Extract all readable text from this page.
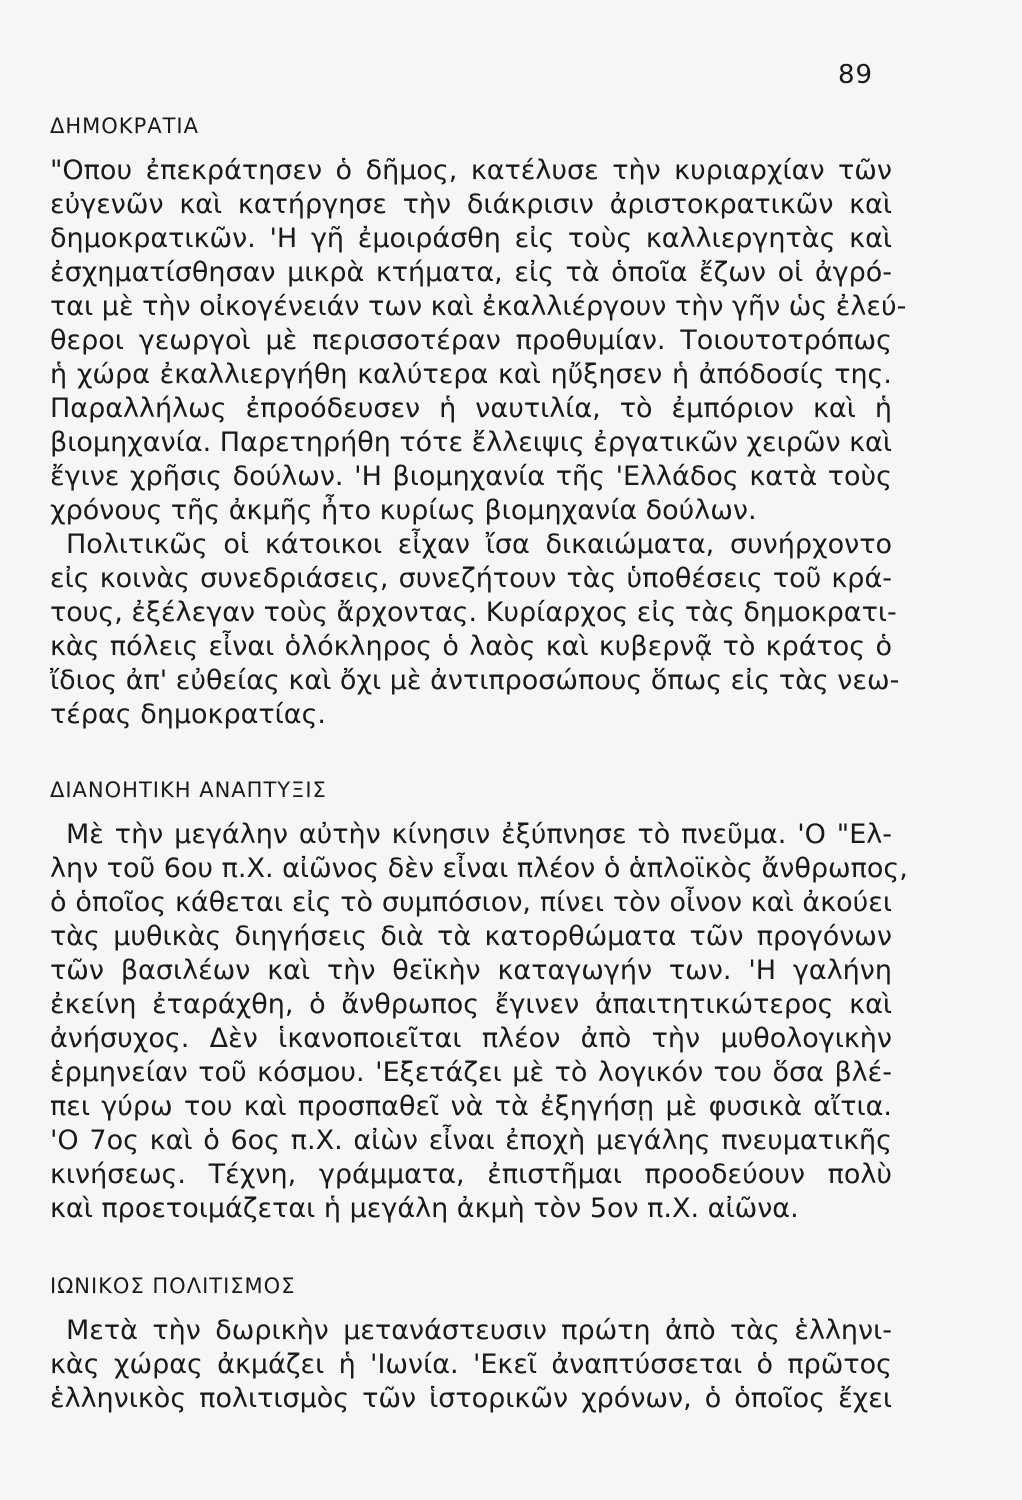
89
ΔΗΜΟΚΡΑΤΙΑ
"Οπου ἐπεκράτησεν ὁ δῆμος, κατέλυσε τὴν κυριαρχίαν τῶν
εὐγενῶν καὶ κατήργησε τὴν διάκρισιν ἀριστοκρατικῶν καὶ
δημοκρατικῶν. 'Η γῆ ἐμοιράσθη εἰς τοὺς καλλιεργητὰς καὶ
ἐσχηματίσθησαν μικρὰ κτήματα, εἰς τὰ ὁποῖα ἔζων οἱ ἀγρό-
ται μὲ τὴν οἰκογένειάν των καὶ ἐκαλλιέργουν τὴν γῆν ὡς ἐλεύ-
θεροι γεωργοὶ μὲ περισσοτέραν προθυμίαν. Τοιουτοτρόπως
ἡ χώρα ἐκαλλιεργήθη καλύτερα καὶ ηὔξησεν ἡ ἀπόδοσίς της.
Παραλλήλως ἐπροόδευσεν ἡ ναυτιλία, τὸ ἐμπόριον καὶ ἡ
βιομηχανία. Παρετηρήθη τότε ἔλλειψις ἐργατικῶν χειρῶν καὶ
ἔγινε χρῆσις δούλων. 'Η βιομηχανία τῆς 'Ελλάδος κατὰ τοὺς
χρόνους τῆς ἀκμῆς ἦτο κυρίως βιομηχανία δούλων.
Πολιτικῶς οἱ κάτοικοι εἶχαν ἴσα δικαιώματα, συνήρχοντο
εἰς κοινὰς συνεδριάσεις, συνεζήτουν τὰς ὑποθέσεις τοῦ κρά-
τους, ἐξέλεγαν τοὺς ἄρχοντας. Κυρίαρχος εἰς τὰς δημοκρατι-
κὰς πόλεις εἶναι ὁλόκληρος ὁ λαὸς καὶ κυβερνᾷ τὸ κράτος ὁ
ἴδιος ἀπ' εὐθείας καὶ ὄχι μὲ ἀντιπροσώπους ὅπως εἰς τὰς νεω-
τέρας δημοκρατίας.
ΔΙΑΝΟΗΤΙΚΗ ΑΝΑΠΤΥΞΙΣ
Μὲ τὴν μεγάλην αὐτὴν κίνησιν ἐξύπνησε τὸ πνεῦμα. 'Ο "Ελ-
λην τοῦ 6ου π.Χ. αἰῶνος δὲν εἶναι πλέον ὁ ἁπλοϊκὸς ἄνθρωπος,
ὁ ὁποῖος κάθεται εἰς τὸ συμπόσιον, πίνει τὸν οἶνον καὶ ἀκούει
τὰς μυθικὰς διηγήσεις διὰ τὰ κατορθώματα τῶν προγόνων
τῶν βασιλέων καὶ τὴν θεϊκὴν καταγωγήν των. 'Η γαλήνη
ἐκείνη ἐταράχθη, ὁ ἄνθρωπος ἔγινεν ἀπαιτητικώτερος καὶ
ἀνήσυχος. Δὲν ἱκανοποιεῖται πλέον ἀπὸ τὴν μυθολογικὴν
ἑρμηνείαν τοῦ κόσμου. 'Εξετάζει μὲ τὸ λογικόν του ὅσα βλέ-
πει γύρω του καὶ προσπαθεῖ νὰ τὰ ἐξηγήσῃ μὲ φυσικὰ αἴτια.
'Ο 7ος καὶ ὁ 6ος π.Χ. αἰὼν εἶναι ἐποχὴ μεγάλης πνευματικῆς
κινήσεως. Τέχνη, γράμματα, ἐπιστῆμαι προοδεύουν πολὺ
καὶ προετοιμάζεται ἡ μεγάλη ἀκμὴ τὸν 5ον π.Χ. αἰῶνα.
ΙΩΝΙΚΟΣ ΠΟΛΙΤΙΣΜΟΣ
Μετὰ τὴν δωρικὴν μετανάστευσιν πρώτη ἀπὸ τὰς ἑλληνι-
κὰς χώρας ἀκμάζει ἡ 'Ιωνία. 'Εκεῖ ἀναπτύσσεται ὁ πρῶτος
ἑλληνικὸς πολιτισμὸς τῶν ἱστορικῶν χρόνων, ὁ ὁποῖος ἔχει
